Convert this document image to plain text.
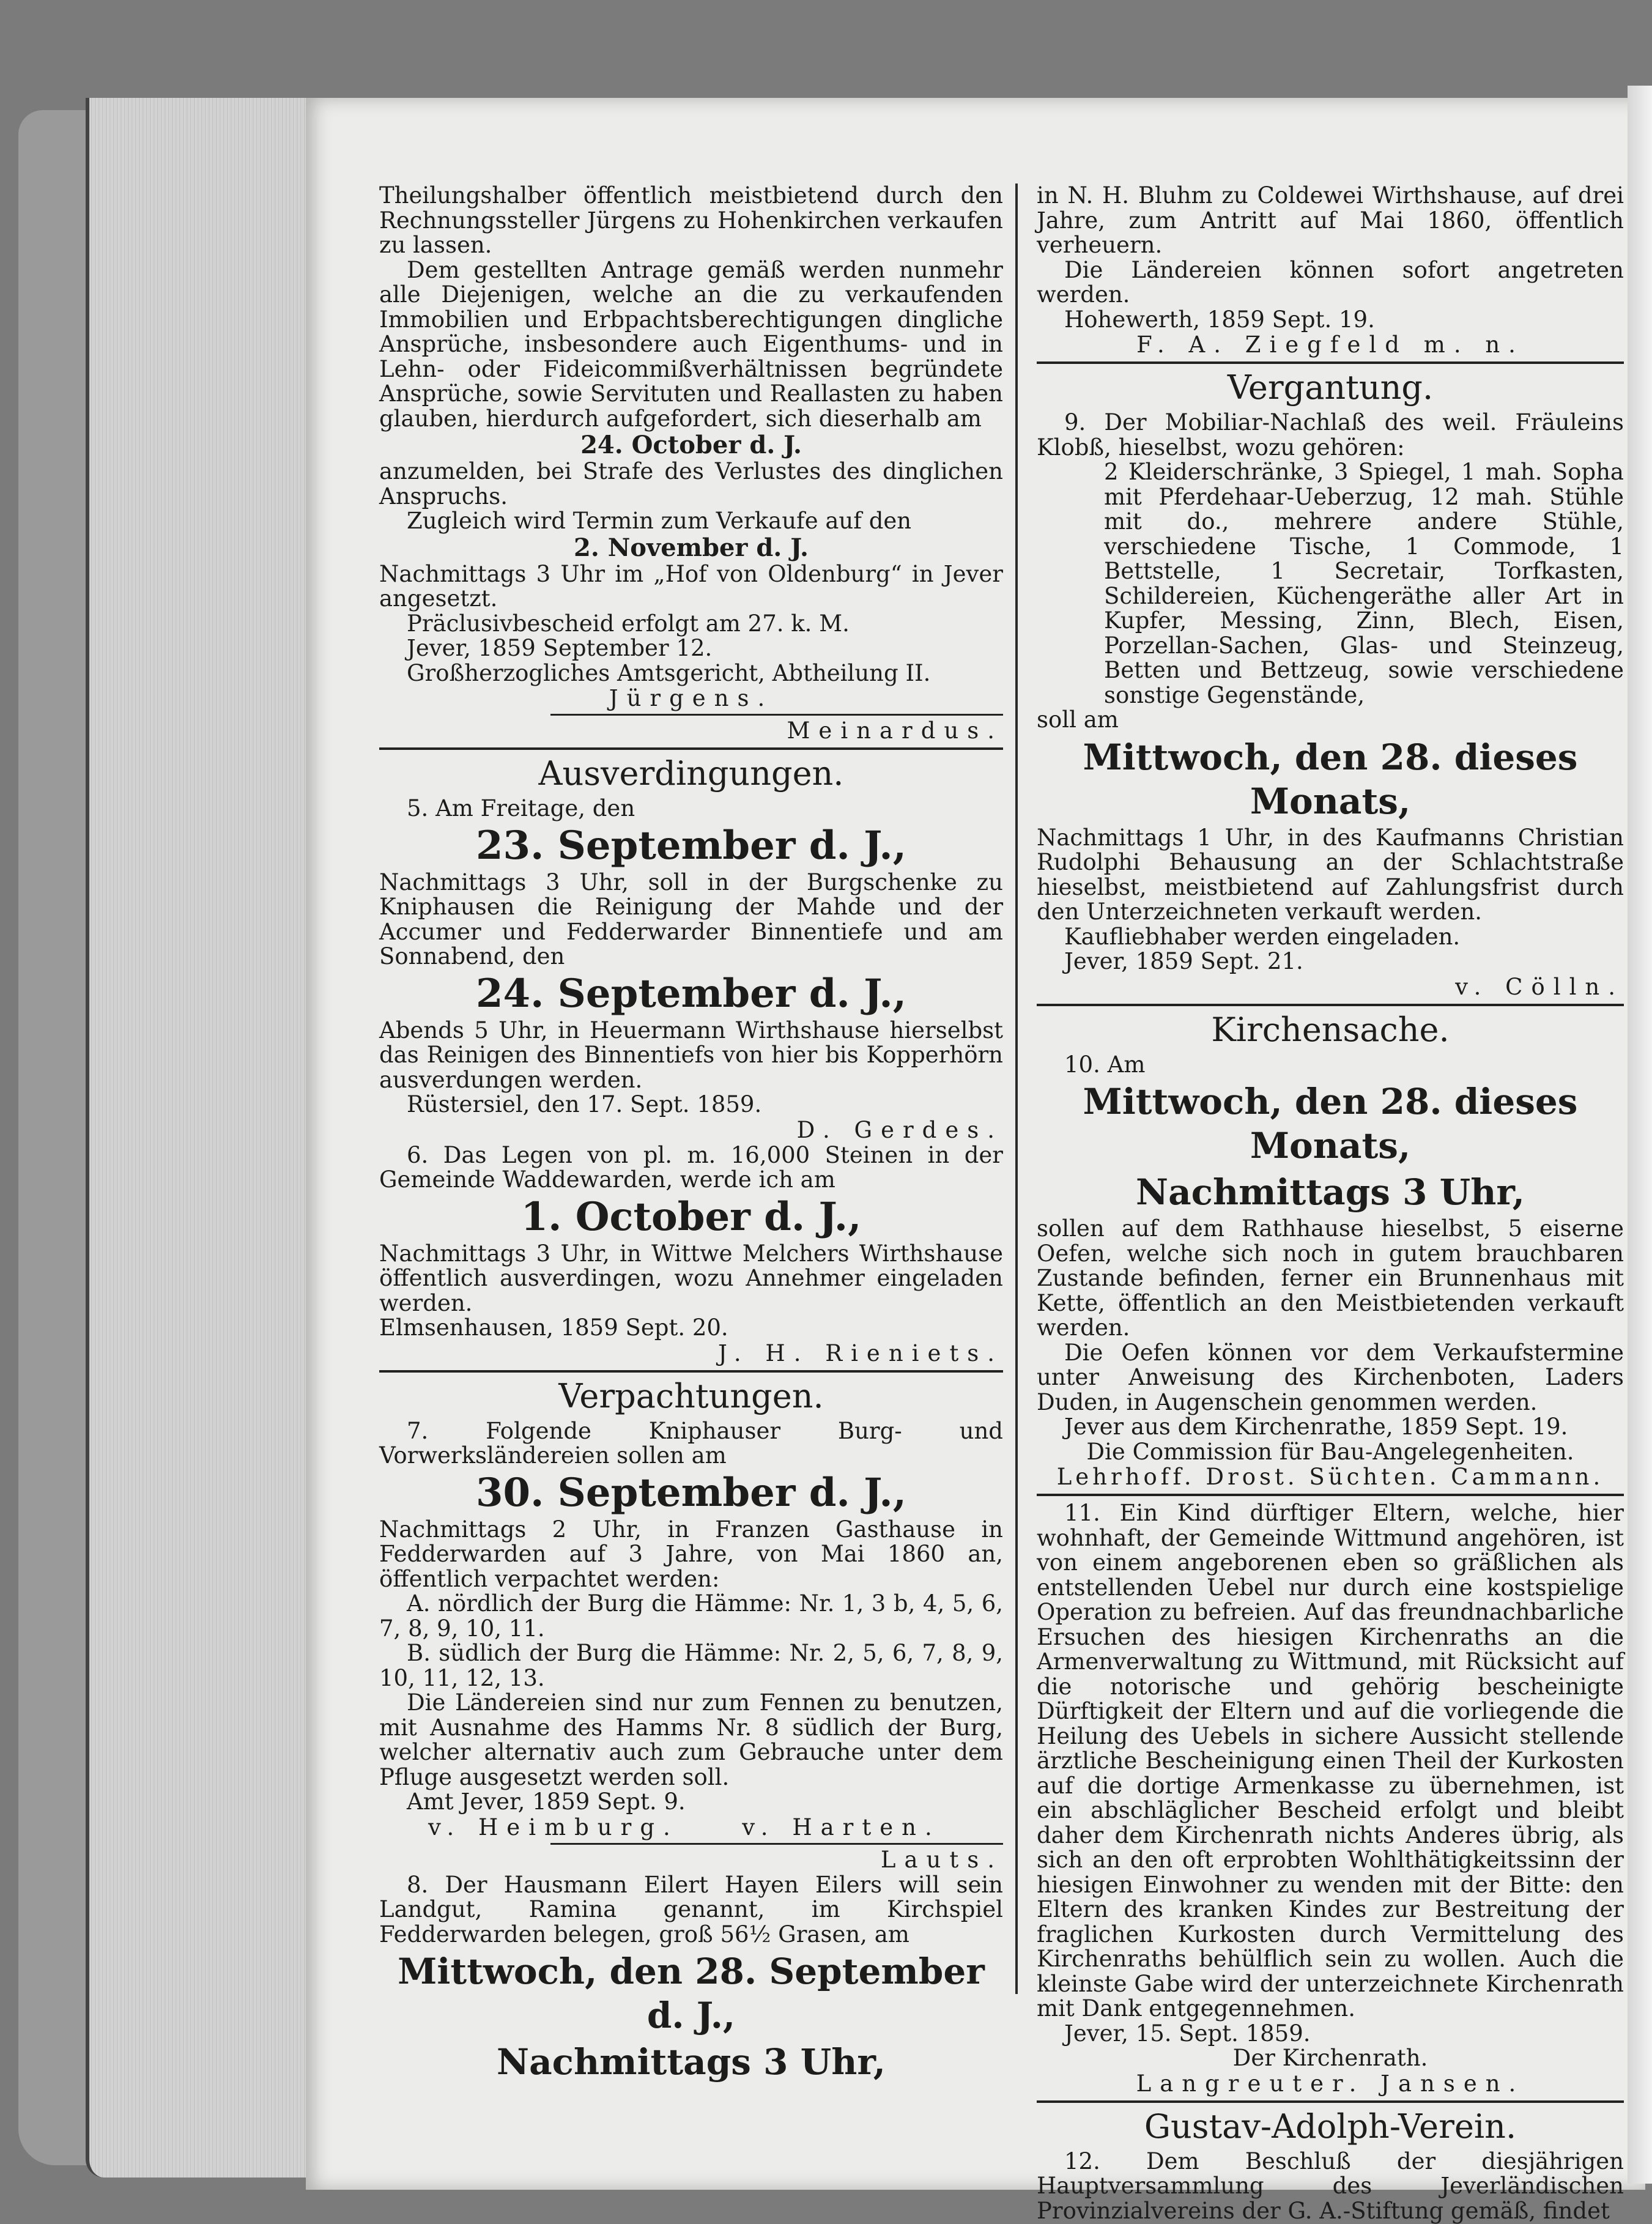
Theilungshalber öffentlich meistbietend durch den Rechnungssteller Jürgens zu Hohenkirchen verkaufen zu lassen.

Dem gestellten Antrage gemäß werden nunmehr alle Diejenigen, welche an die zu verkaufenden Immobilien und Erbpachtsberechtigungen dingliche Ansprüche, insbesondere auch Eigenthums- und in Lehn- oder Fideicommißverhältnissen begründete Ansprüche, sowie Servituten und Reallasten zu haben glauben, hierdurch aufgefordert, sich dieserhalb am

24. October d. J.

anzumelden, bei Strafe des Verlustes des dinglichen Anspruchs.

Zugleich wird Termin zum Verkaufe auf den

2. November d. J.

Nachmittags 3 Uhr im „Hof von Oldenburg“ in Jever angesetzt.

Präclusivbescheid erfolgt am 27. k. M.

Jever, 1859 September 12.

Großherzogliches Amtsgericht, Abtheilung II.

Jürgens.

Meinardus.

Ausverdingungen.

5. Am Freitage, den

23. September d. J.,

Nachmittags 3 Uhr, soll in der Burgschenke zu Kniphausen die Reinigung der Mahde und der Accumer und Fedderwarder Binnentiefe und am Sonnabend, den

24. September d. J.,

Abends 5 Uhr, in Heuermann Wirthshause hierselbst das Reinigen des Binnentiefs von hier bis Kopperhörn ausverdungen werden.

Rüstersiel, den 17. Sept. 1859.

D. Gerdes.

6. Das Legen von pl. m. 16,000 Steinen in der Gemeinde Waddewarden, werde ich am

1. October d. J.,

Nachmittags 3 Uhr, in Wittwe Melchers Wirthshause öffentlich ausverdingen, wozu Annehmer eingeladen werden.

Elmsenhausen, 1859 Sept. 20.

J. H. Rieniets.

Verpachtungen.

7. Folgende Kniphauser Burg- und Vorwerksländereien sollen am

30. September d. J.,

Nachmittags 2 Uhr, in Franzen Gasthause in Fedderwarden auf 3 Jahre, von Mai 1860 an, öffentlich verpachtet werden:

A. nördlich der Burg die Hämme: Nr. 1, 3 b, 4, 5, 6, 7, 8, 9, 10, 11.

B. südlich der Burg die Hämme: Nr. 2, 5, 6, 7, 8, 9, 10, 11, 12, 13.

Die Ländereien sind nur zum Fennen zu benutzen, mit Ausnahme des Hamms Nr. 8 südlich der Burg, welcher alternativ auch zum Gebrauche unter dem Pfluge ausgesetzt werden soll.

Amt Jever, 1859 Sept. 9.

v. Heimburg.	v. Harten.

Lauts.

8. Der Hausmann Eilert Hayen Eilers will sein Landgut, Ramina genannt, im Kirchspiel Fedderwarden belegen, groß 56½ Grasen, am

Mittwoch, den 28. September d. J.,

Nachmittags 3 Uhr,

in N. H. Bluhm zu Coldewei Wirthshause, auf drei Jahre, zum Antritt auf Mai 1860, öffentlich verheuern.

Die Ländereien können sofort angetreten werden.

Hohewerth, 1859 Sept. 19.

F. A. Ziegfeld m. n.

Vergantung.

9. Der Mobiliar-Nachlaß des weil. Fräuleins Klobß, hieselbst, wozu gehören:

2 Kleiderschränke, 3 Spiegel, 1 mah. Sopha mit Pferdehaar-Ueberzug, 12 mah. Stühle mit do., mehrere andere Stühle, verschiedene Tische, 1 Commode, 1 Bettstelle, 1 Secretair, Torfkasten, Schildereien, Küchengeräthe aller Art in Kupfer, Messing, Zinn, Blech, Eisen, Porzellan-Sachen, Glas- und Steinzeug, Betten und Bettzeug, sowie verschiedene sonstige Gegenstände,

soll am

Mittwoch, den 28. dieses Monats,

Nachmittags 1 Uhr, in des Kaufmanns Christian Rudolphi Behausung an der Schlachtstraße hieselbst, meistbietend auf Zahlungsfrist durch den Unterzeichneten verkauft werden.

Kaufliebhaber werden eingeladen.

Jever, 1859 Sept. 21.

v. Cölln.

Kirchensache.

10. Am

Mittwoch, den 28. dieses Monats,

Nachmittags 3 Uhr,

sollen auf dem Rathhause hieselbst, 5 eiserne Oefen, welche sich noch in gutem brauchbaren Zustande befinden, ferner ein Brunnenhaus mit Kette, öffentlich an den Meistbietenden verkauft werden.

Die Oefen können vor dem Verkaufstermine unter Anweisung des Kirchenboten, Laders Duden, in Augenschein genommen werden.

Jever aus dem Kirchenrathe, 1859 Sept. 19.

Die Commission für Bau-Angelegenheiten.

Lehrhoff. Drost. Süchten. Cammann.

11. Ein Kind dürftiger Eltern, welche, hier wohnhaft, der Gemeinde Wittmund angehören, ist von einem angeborenen eben so gräßlichen als entstellenden Uebel nur durch eine kostspielige Operation zu befreien. Auf das freundnachbarliche Ersuchen des hiesigen Kirchenraths an die Armenverwaltung zu Wittmund, mit Rücksicht auf die notorische und gehörig bescheinigte Dürftigkeit der Eltern und auf die vorliegende die Heilung des Uebels in sichere Aussicht stellende ärztliche Bescheinigung einen Theil der Kurkosten auf die dortige Armenkasse zu übernehmen, ist ein abschläglicher Bescheid erfolgt und bleibt daher dem Kirchenrath nichts Anderes übrig, als sich an den oft erprobten Wohlthätigkeitssinn der hiesigen Einwohner zu wenden mit der Bitte: den Eltern des kranken Kindes zur Bestreitung der fraglichen Kurkosten durch Vermittelung des Kirchenraths behülflich sein zu wollen. Auch die kleinste Gabe wird der unterzeichnete Kirchenrath mit Dank entgegennehmen.

Jever, 15. Sept. 1859.

Der Kirchenrath.

Langreuter. Jansen.

Gustav-Adolph-Verein.

12. Dem Beschluß der diesjährigen Hauptversammlung des Jeverländischen Provinzialvereins der G. A.-Stiftung gemäß, findet
